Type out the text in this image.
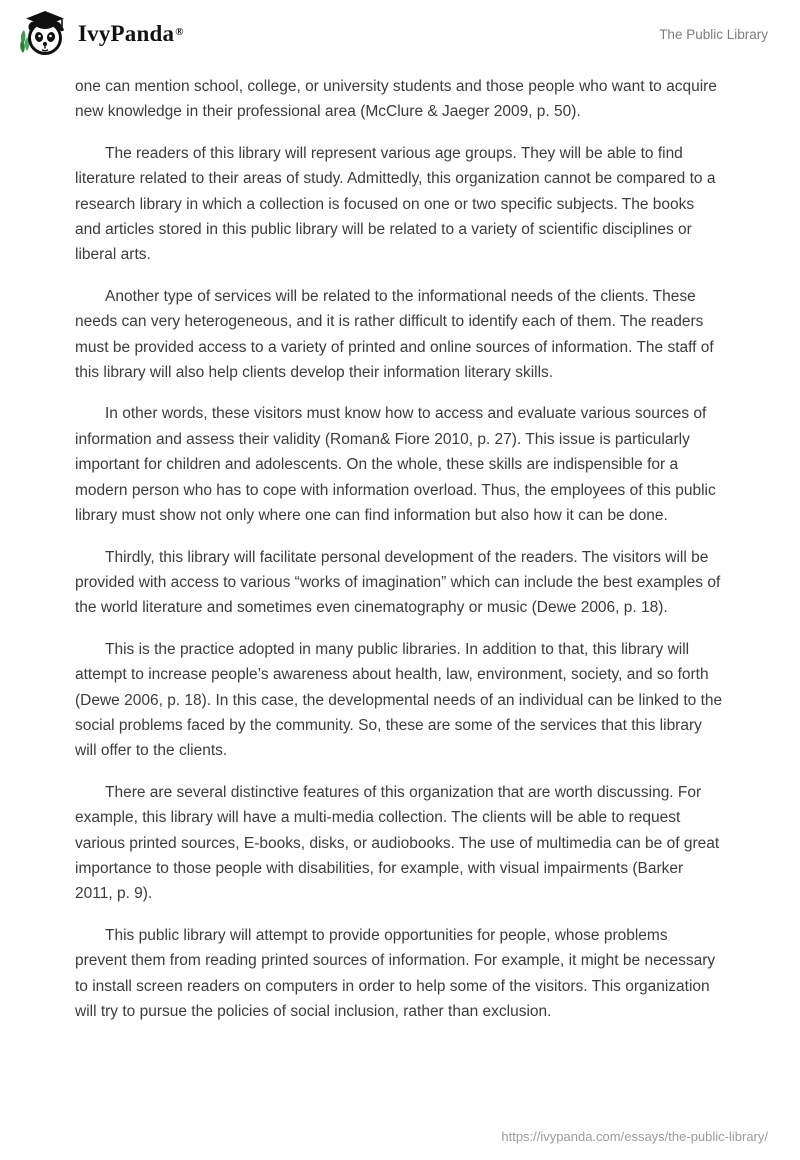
IvyPanda®	The Public Library

one can mention school, college, or university students and those people who want to acquire new knowledge in their professional area (McClure & Jaeger 2009, p. 50).

The readers of this library will represent various age groups. They will be able to find literature related to their areas of study. Admittedly, this organization cannot be compared to a research library in which a collection is focused on one or two specific subjects. The books and articles stored in this public library will be related to a variety of scientific disciplines or liberal arts.

Another type of services will be related to the informational needs of the clients. These needs can very heterogeneous, and it is rather difficult to identify each of them. The readers must be provided access to a variety of printed and online sources of information. The staff of this library will also help clients develop their information literary skills.

In other words, these visitors must know how to access and evaluate various sources of information and assess their validity (Roman& Fiore 2010, p. 27). This issue is particularly important for children and adolescents. On the whole, these skills are indispensible for a modern person who has to cope with information overload. Thus, the employees of this public library must show not only where one can find information but also how it can be done.

Thirdly, this library will facilitate personal development of the readers. The visitors will be provided with access to various “works of imagination” which can include the best examples of the world literature and sometimes even cinematography or music (Dewe 2006, p. 18).

This is the practice adopted in many public libraries. In addition to that, this library will attempt to increase people’s awareness about health, law, environment, society, and so forth (Dewe 2006, p. 18). In this case, the developmental needs of an individual can be linked to the social problems faced by the community. So, these are some of the services that this library will offer to the clients.

There are several distinctive features of this organization that are worth discussing. For example, this library will have a multi-media collection. The clients will be able to request various printed sources, E-books, disks, or audiobooks. The use of multimedia can be of great importance to those people with disabilities, for example, with visual impairments (Barker 2011, p. 9).

This public library will attempt to provide opportunities for people, whose problems prevent them from reading printed sources of information. For example, it might be necessary to install screen readers on computers in order to help some of the visitors. This organization will try to pursue the policies of social inclusion, rather than exclusion.

https://ivypanda.com/essays/the-public-library/
